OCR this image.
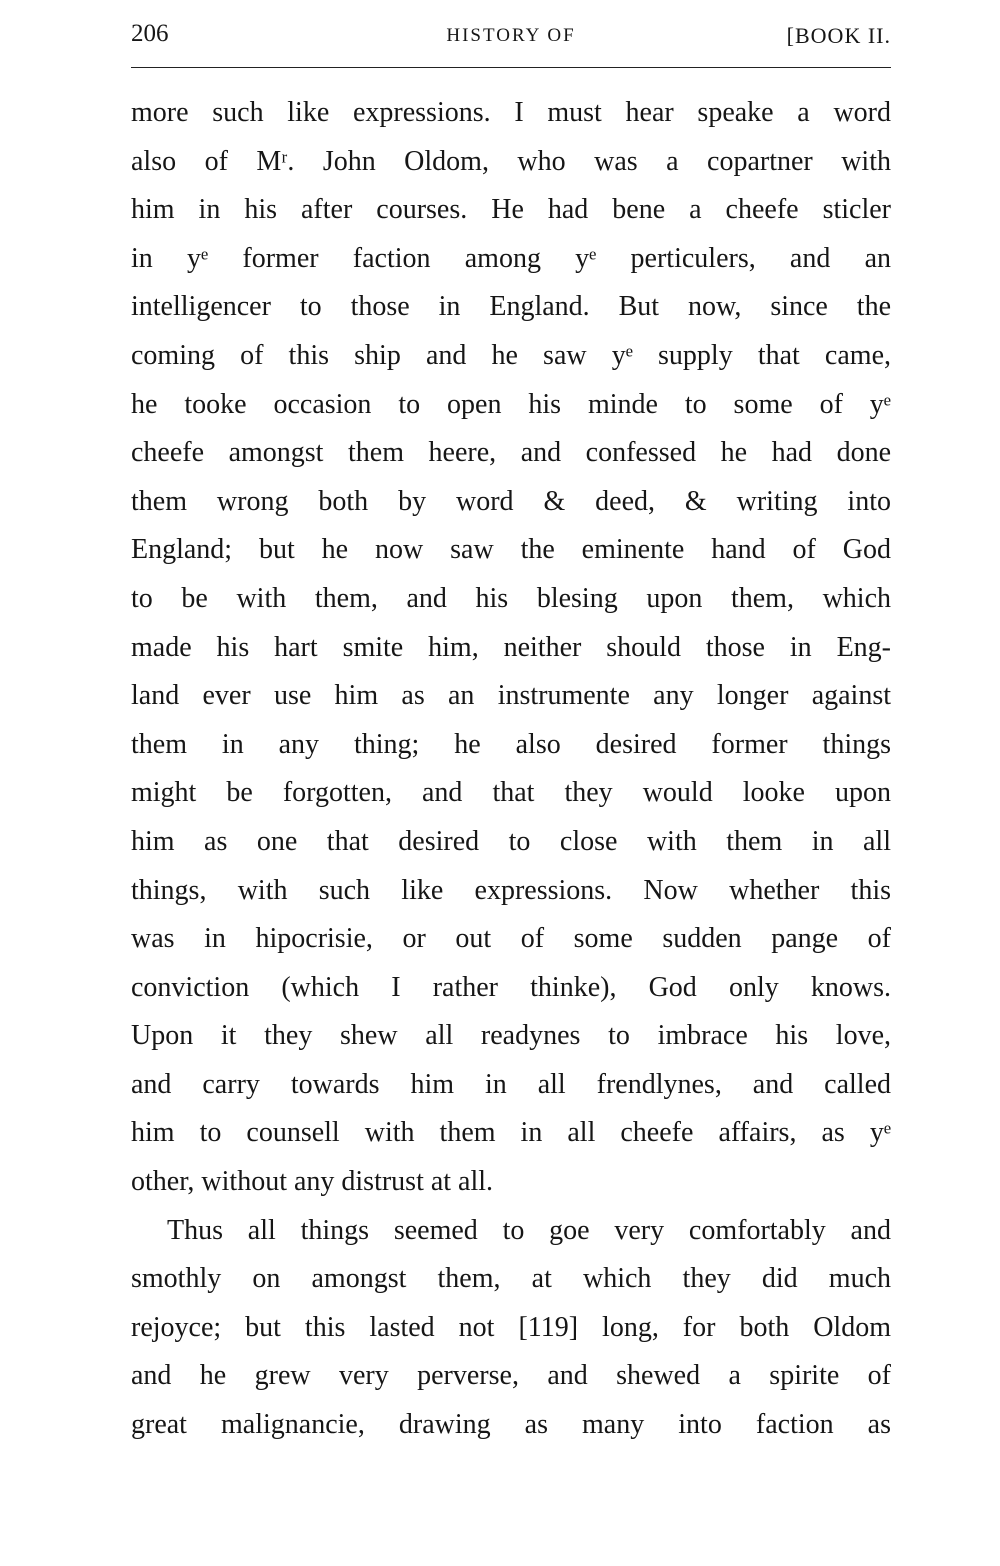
206	HISTORY OF	[BOOK II.
more such like expressions. I must hear speake a word
also of Mʳ. John Oldom, who was a copartner with
him in his after courses. He had bene a cheefe sticler
in yᵉ former faction among yᵉ perticulers, and an
intelligencer to those in England. But now, since the
coming of this ship and he saw yᵉ supply that came,
he tooke occasion to open his minde to some of yᵉ
cheefe amongst them heere, and confessed he had done
them wrong both by word & deed, & writing into
England; but he now saw the eminente hand of God
to be with them, and his blesing upon them, which
made his hart smite him, neither should those in Eng-
land ever use him as an instrumente any longer against
them in any thing; he also desired former things
might be forgotten, and that they would looke upon
him as one that desired to close with them in all
things, with such like expressions. Now whether this
was in hipocrisie, or out of some sudden pange of
conviction (which I rather thinke), God only knows.
Upon it they shew all readynes to imbrace his love,
and carry towards him in all frendlynes, and called
him to counsell with them in all cheefe affairs, as yᵉ
other, without any distrust at all.
Thus all things seemed to goe very comfortably and
smothly on amongst them, at which they did much
rejoyce; but this lasted not [119] long, for both Oldom
and he grew very perverse, and shewed a spirite of
great malignancie, drawing as many into faction as
